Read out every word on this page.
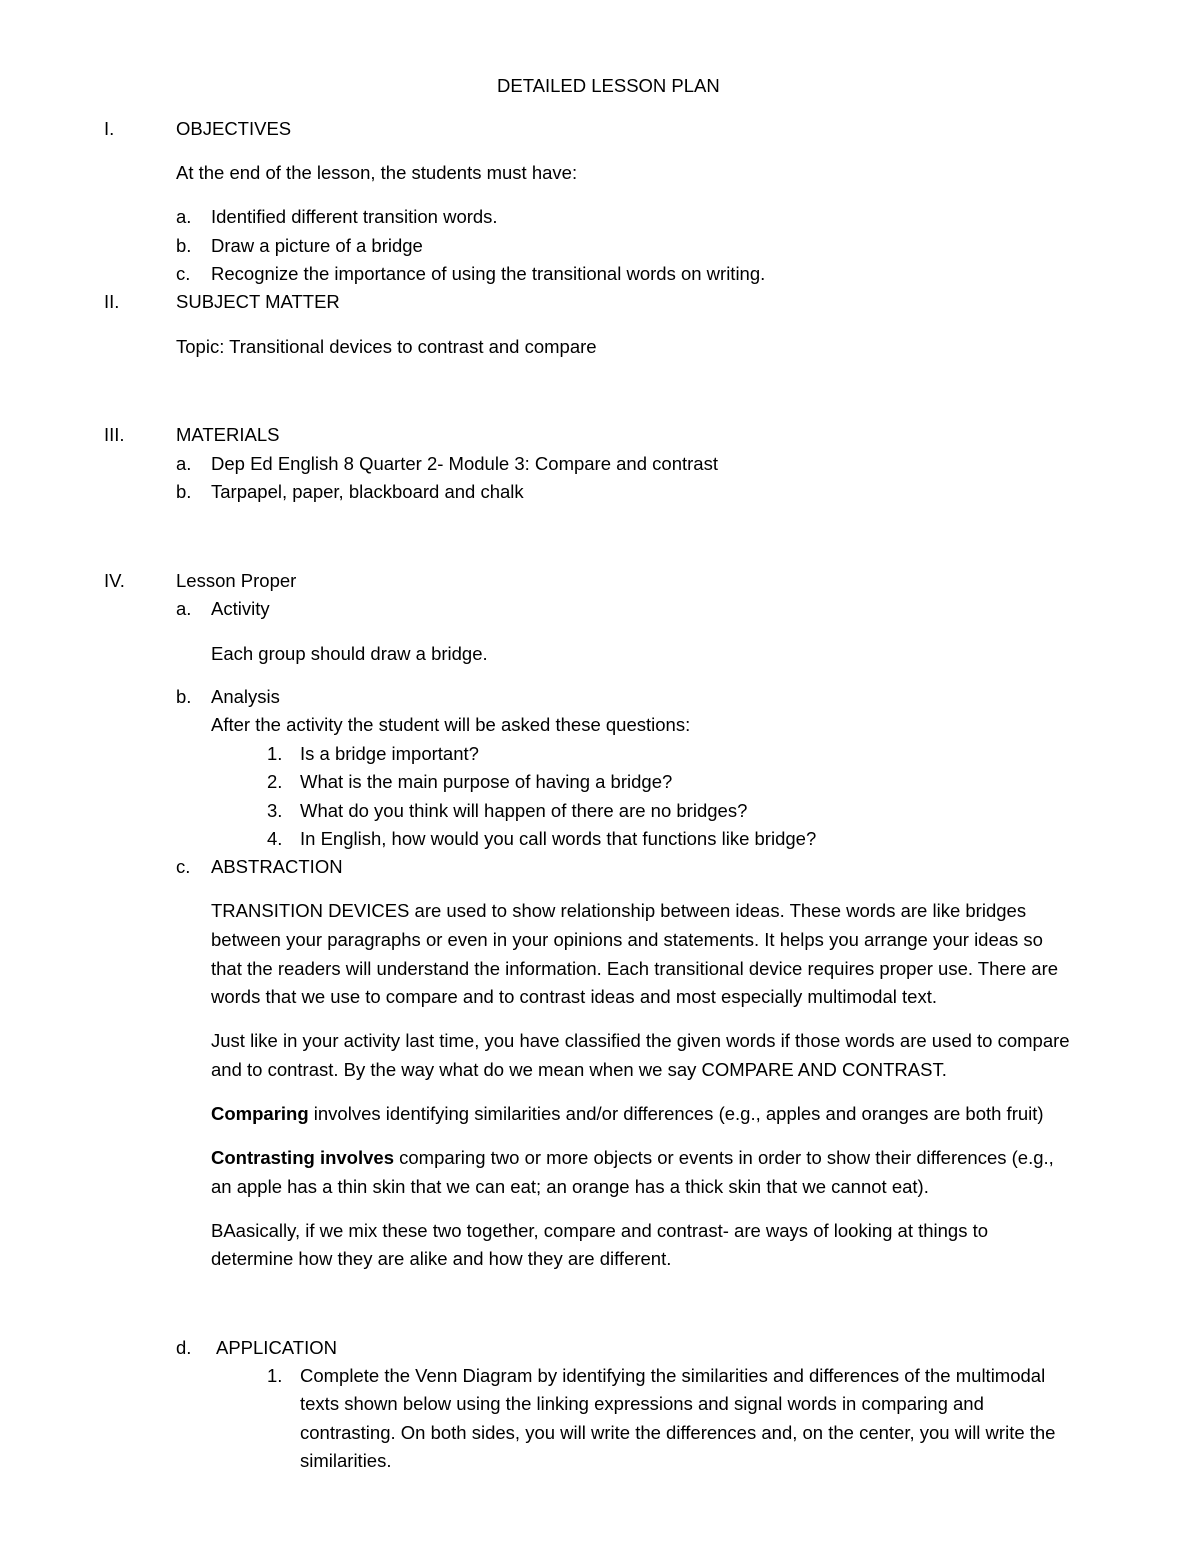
DETAILED LESSON PLAN
I.	OBJECTIVES
At the end of the lesson, the students must have:
a. Identified different transition words.
b. Draw a picture of a bridge
c. Recognize the importance of using the transitional words on writing.
II.	SUBJECT MATTER
Topic: Transitional devices to contrast and compare
III.	MATERIALS
a. Dep Ed English 8 Quarter 2- Module 3: Compare and contrast
b. Tarpapel, paper, blackboard and chalk
IV.	Lesson Proper
a. Activity
Each group should draw a bridge.
b. Analysis
After the activity the student will be asked these questions:
1. Is a bridge important?
2. What is the main purpose of having a bridge?
3. What do you think will happen of there are no bridges?
4. In English, how would you call words that functions like bridge?
c. ABSTRACTION
TRANSITION DEVICES are used to show relationship between ideas. These words are like bridges
between your paragraphs or even in your opinions and statements. It helps you arrange your ideas so
that the readers will understand the information. Each transitional device requires proper use. There are
words that we use to compare and to contrast ideas and most especially multimodal text.
Just like in your activity last time, you have classified the given words if those words are used to compare
and to contrast. By the way what do we mean when we say COMPARE AND CONTRAST.
Comparing involves identifying similarities and/or differences (e.g., apples and oranges are both fruit)
Contrasting involves comparing two or more objects or events in order to show their differences (e.g.,
an apple has a thin skin that we can eat; an orange has a thick skin that we cannot eat).
BAasically, if we mix these two together, compare and contrast- are ways of looking at things to
determine how they are alike and how they are different.
d. APPLICATION
1. Complete the Venn Diagram by identifying the similarities and differences of the multimodal
texts shown below using the linking expressions and signal words in comparing and
contrasting. On both sides, you will write the differences and, on the center, you will write the
similarities.
